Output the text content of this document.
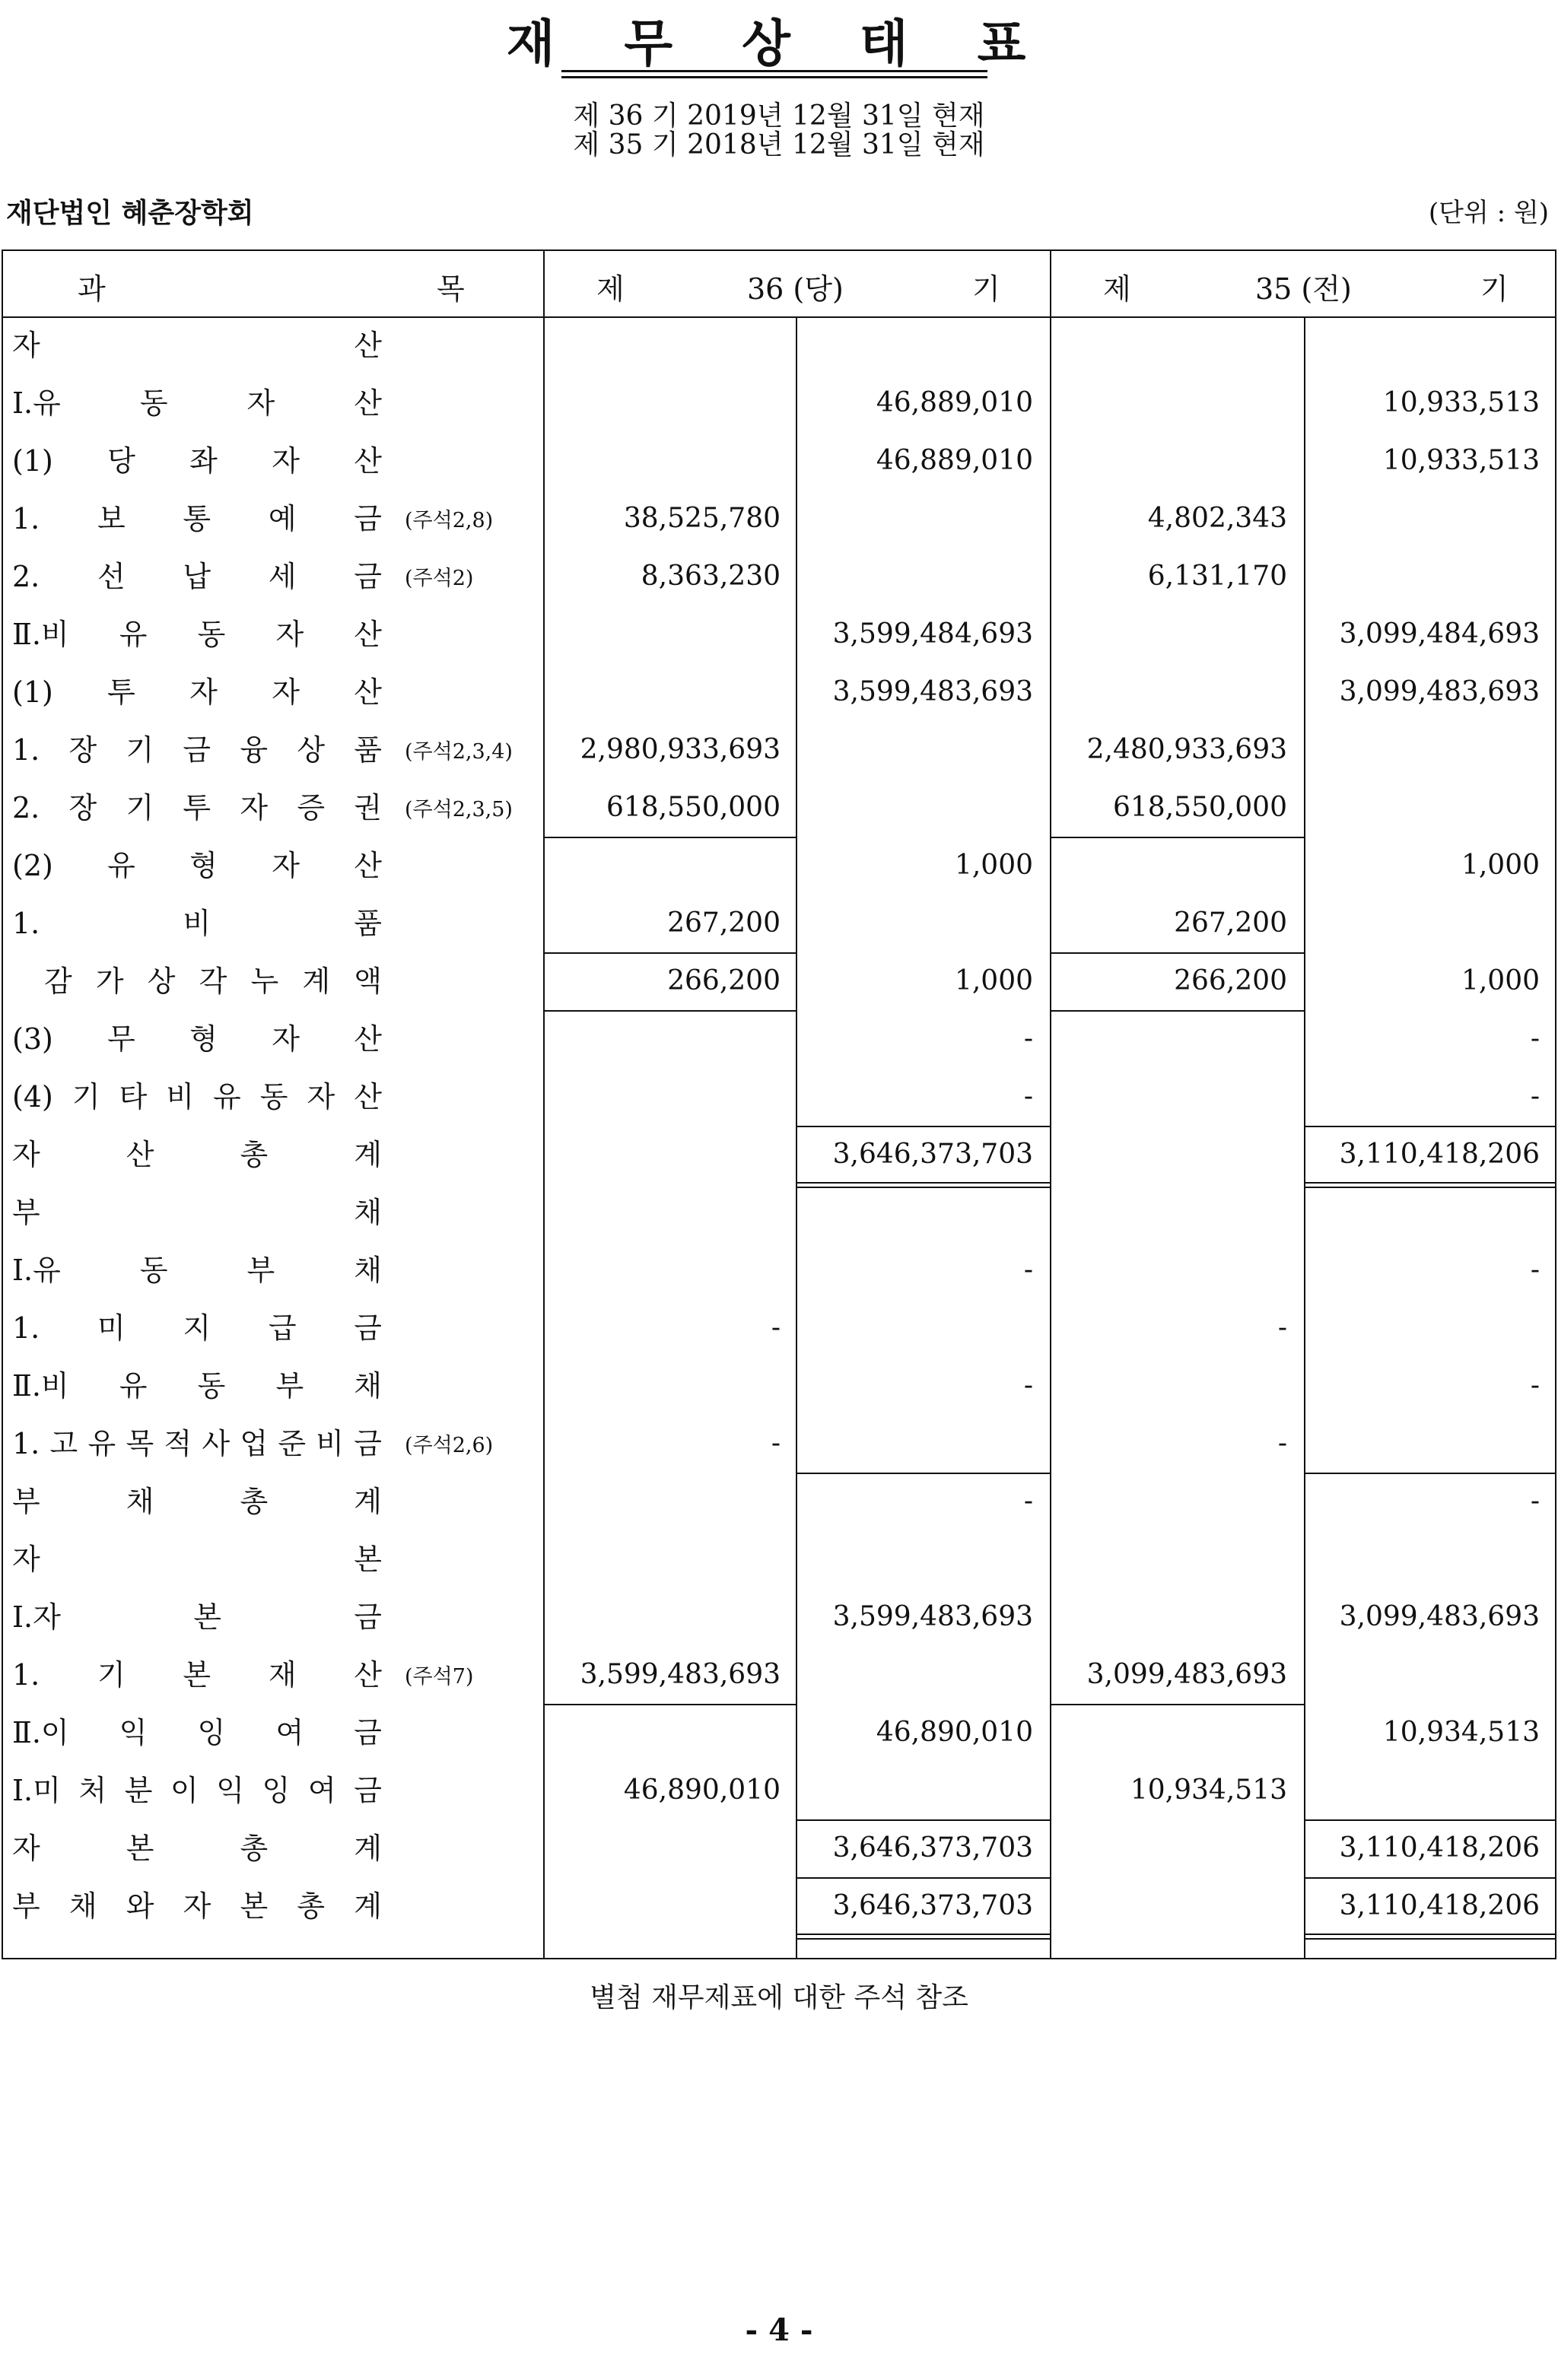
재 무 상 태 표
제 36 기 2019년 12월 31일 현재
제 35 기 2018년 12월 31일 현재
재단법인 혜춘장학회	(단위 : 원)
과	목	제	36 (당)	기	제	35 (전)	기
자	산
Ⅰ.유	동	자	산	46,889,010	10,933,513
(1) 당 좌 자 산	46,889,010	10,933,513
1. 보 통 예 금 (주석2,8)	38,525,780	4,802,343
2. 선 납 세 금 (주석2)	8,363,230	6,131,170
Ⅱ.비 유 동 자 산	3,599,484,693	3,099,484,693
(1) 투 자 자 산	3,599,483,693	3,099,483,693
1. 장 기 금 융 상 품 (주석2,3,4) 2,980,933,693	2,480,933,693
2. 장 기 투 자 증 권 (주석2,3,5)	618,550,000	618,550,000
(2) 유 형 자 산	1,000	1,000
1.	비	품	267,200	267,200
감 가 상 각 누 계 액	266,200	1,000	266,200	1,000
(3) 무 형 자 산	-	-
(4) 기 타 비 유 동 자 산	-	-
자	산	총	계	3,646,373,703	3,110,418,206
부	채
Ⅰ.유	동	부	채	-	-
1. 미 지 급 금	-	-
Ⅱ.비 유 동 부 채	-	-
1. 고 유 목 적 사 업 준 비 금 (주석2,6)	-	-
부	채	총	계	-	-
자	본
Ⅰ.자	본	금	3,599,483,693	3,099,483,693
1. 기 본 재 산 (주석7)	3,599,483,693	3,099,483,693
Ⅱ.이 익 잉 여 금	46,890,010	10,934,513
Ⅰ.미 처 분 이 익 잉 여 금	46,890,010	10,934,513
자	본	총	계	3,646,373,703	3,110,418,206
부 채 와 자 본 총 계	3,646,373,703	3,110,418,206
별첨 재무제표에 대한 주석 참조
- 4 -
